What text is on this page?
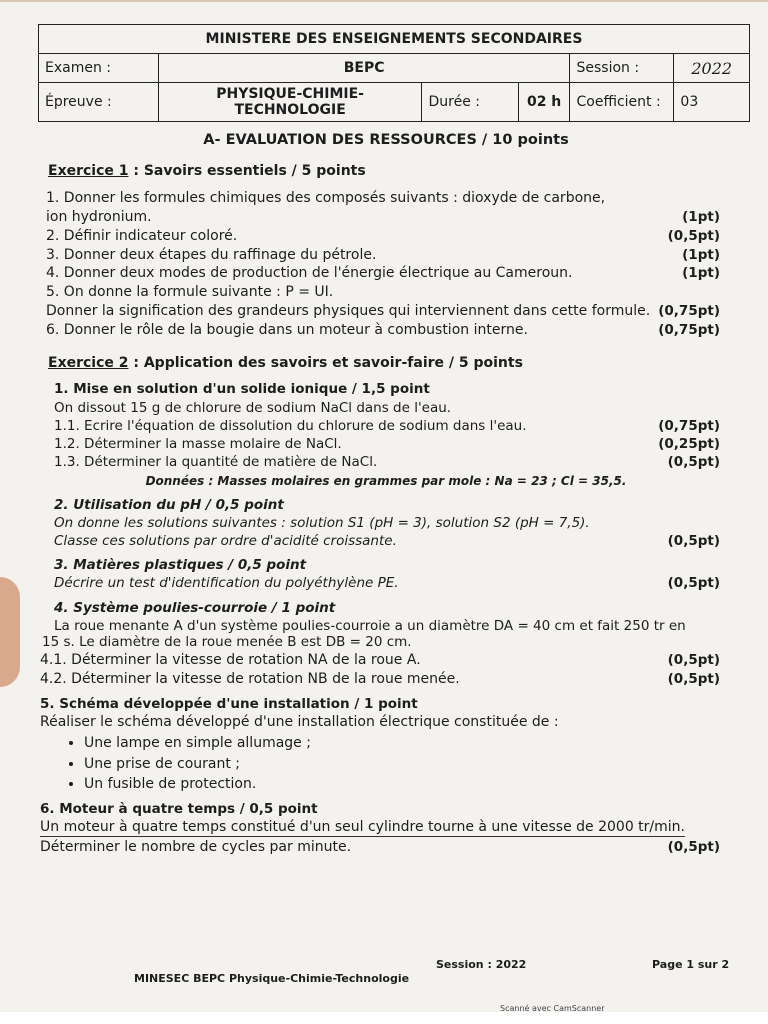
MINISTERE DES ENSEIGNEMENTS SECONDAIRES					
Examen :	BEPC			Session :	2022
Épreuve :	PHYSIQUE-CHIMIE-TECHNOLOGIE	Durée :	02 h	Coefficient :	03
A- EVALUATION DES RESSOURCES / 10 points
Exercice 1 : Savoirs essentiels / 5 points
1. Donner les formules chimiques des composés suivants : dioxyde de carbone,
ion hydronium.	(1pt)
2. Définir indicateur coloré.	(0,5pt)
3. Donner deux étapes du raffinage du pétrole.	(1pt)
4. Donner deux modes de production de l'énergie électrique au Cameroun.	(1pt)
5. On donne la formule suivante : P = UI.
Donner la signification des grandeurs physiques qui interviennent dans cette formule. (0,75pt)
6. Donner le rôle de la bougie dans un moteur à combustion interne.	(0,75pt)
Exercice 2 : Application des savoirs et savoir-faire / 5 points
1. Mise en solution d'un solide ionique / 1,5 point
On dissout 15 g de chlorure de sodium NaCl dans de l'eau.
1.1. Ecrire l'équation de dissolution du chlorure de sodium dans l'eau.	(0,75pt)
1.2. Déterminer la masse molaire de NaCl.	(0,25pt)
1.3. Déterminer la quantité de matière de NaCl.	(0,5pt)
Données : Masses molaires en grammes par mole : Na = 23 ; Cl = 35,5.
2. Utilisation du pH / 0,5 point
On donne les solutions suivantes : solution S1 (pH = 3), solution S2 (pH = 7,5).
Classe ces solutions par ordre d'acidité croissante.	(0,5pt)
3. Matières plastiques / 0,5 point
Décrire un test d'identification du polyéthylène PE.	(0,5pt)
4. Système poulies-courroie / 1 point
La roue menante A d'un système poulies-courroie a un diamètre DA = 40 cm et fait 250 tr en
15 s. Le diamètre de la roue menée B est DB = 20 cm.
4.1. Déterminer la vitesse de rotation NA de la roue A.	(0,5pt)
4.2. Déterminer la vitesse de rotation NB de la roue menée.	(0,5pt)
5. Schéma développée d'une installation / 1 point
Réaliser le schéma développé d'une installation électrique constituée de :
• Une lampe en simple allumage ;
• Une prise de courant ;
• Un fusible de protection.
6. Moteur à quatre temps / 0,5 point
Un moteur à quatre temps constitué d'un seul cylindre tourne à une vitesse de 2000 tr/min.
Déterminer le nombre de cycles par minute.	(0,5pt)
MINESEC BEPC Physique-Chimie-Technologie
Session : 2022	Page 1 sur 2
Scanné avec CamScanner
